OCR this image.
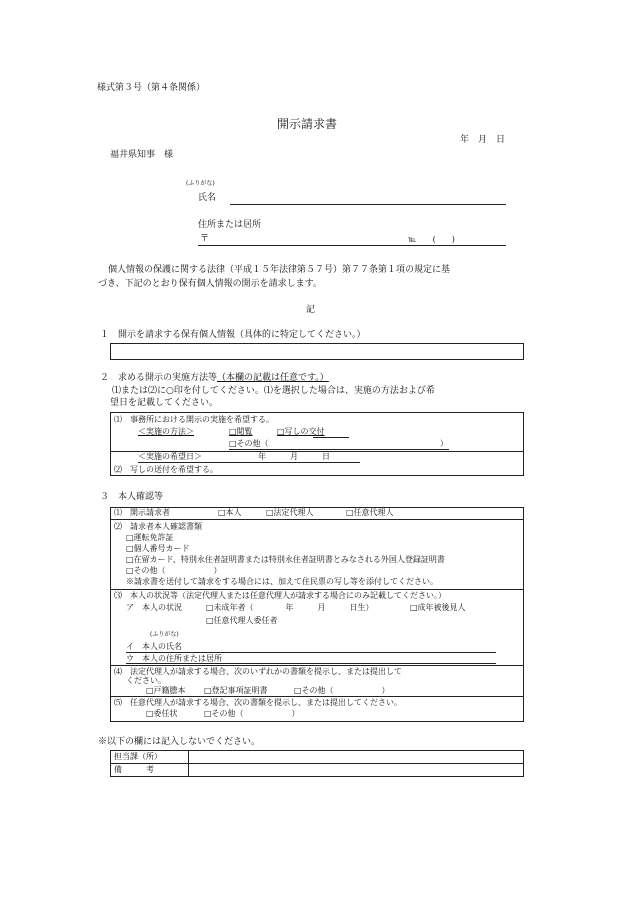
様式第３号（第４条関係）
開示請求書
年　月　日
福井県知事　様
(ふりがな)
氏名
住所または居所
〒	℡　　(　　)
個人情報の保護に関する法律（平成１５年法律第５７号）第７７条第１項の規定に基
づき、下記のとおり保有個人情報の開示を請求します。
記
１　開示を請求する保有個人情報（具体的に特定してください。）
２　求める開示の実施方法等（本欄の記載は任意です。）
⑴または⑵に○印を付してください。⑴を選択した場合は、実施の方法および希
望日を記載してください。
⑴　事務所における開示の実施を希望する。
＜実施の方法＞	□閲覧	□写しの交付
□その他（	）
＜実施の希望日＞	年　　　月　　　日
⑵　写しの送付を希望する。
３　本人確認等
⑴　開示請求者	□本人	□法定代理人	□任意代理人
⑵　請求者本人確認書類
□運転免許証
□個人番号カード
□在留カード、特別永住者証明書または特別永住者証明書とみなされる外国人登録証明書
□その他（　　　　　　）
※請求書を送付して請求をする場合には、加えて住民票の写し等を添付してください。
⑶　本人の状況等（法定代理人または任意代理人が請求する場合にのみ記載してください。）
ア　本人の状況	□未成年者（　　　　年　　　月　　　日生）	□成年被後見人
□任意代理人委任者
(ふりがな)
イ　本人の氏名
ウ　本人の住所または居所
⑷　法定代理人が請求する場合、次のいずれかの書類を提示し、または提出して
ください。
□戸籍謄本 □登記事項証明書	□その他（　　　　　　）
⑸　任意代理人が請求する場合、次の書類を提示し、または提出してください。
□委任状	□その他（　　　　　　）
※以下の欄には記入しないでください。
担当課（所）
備　　　考
